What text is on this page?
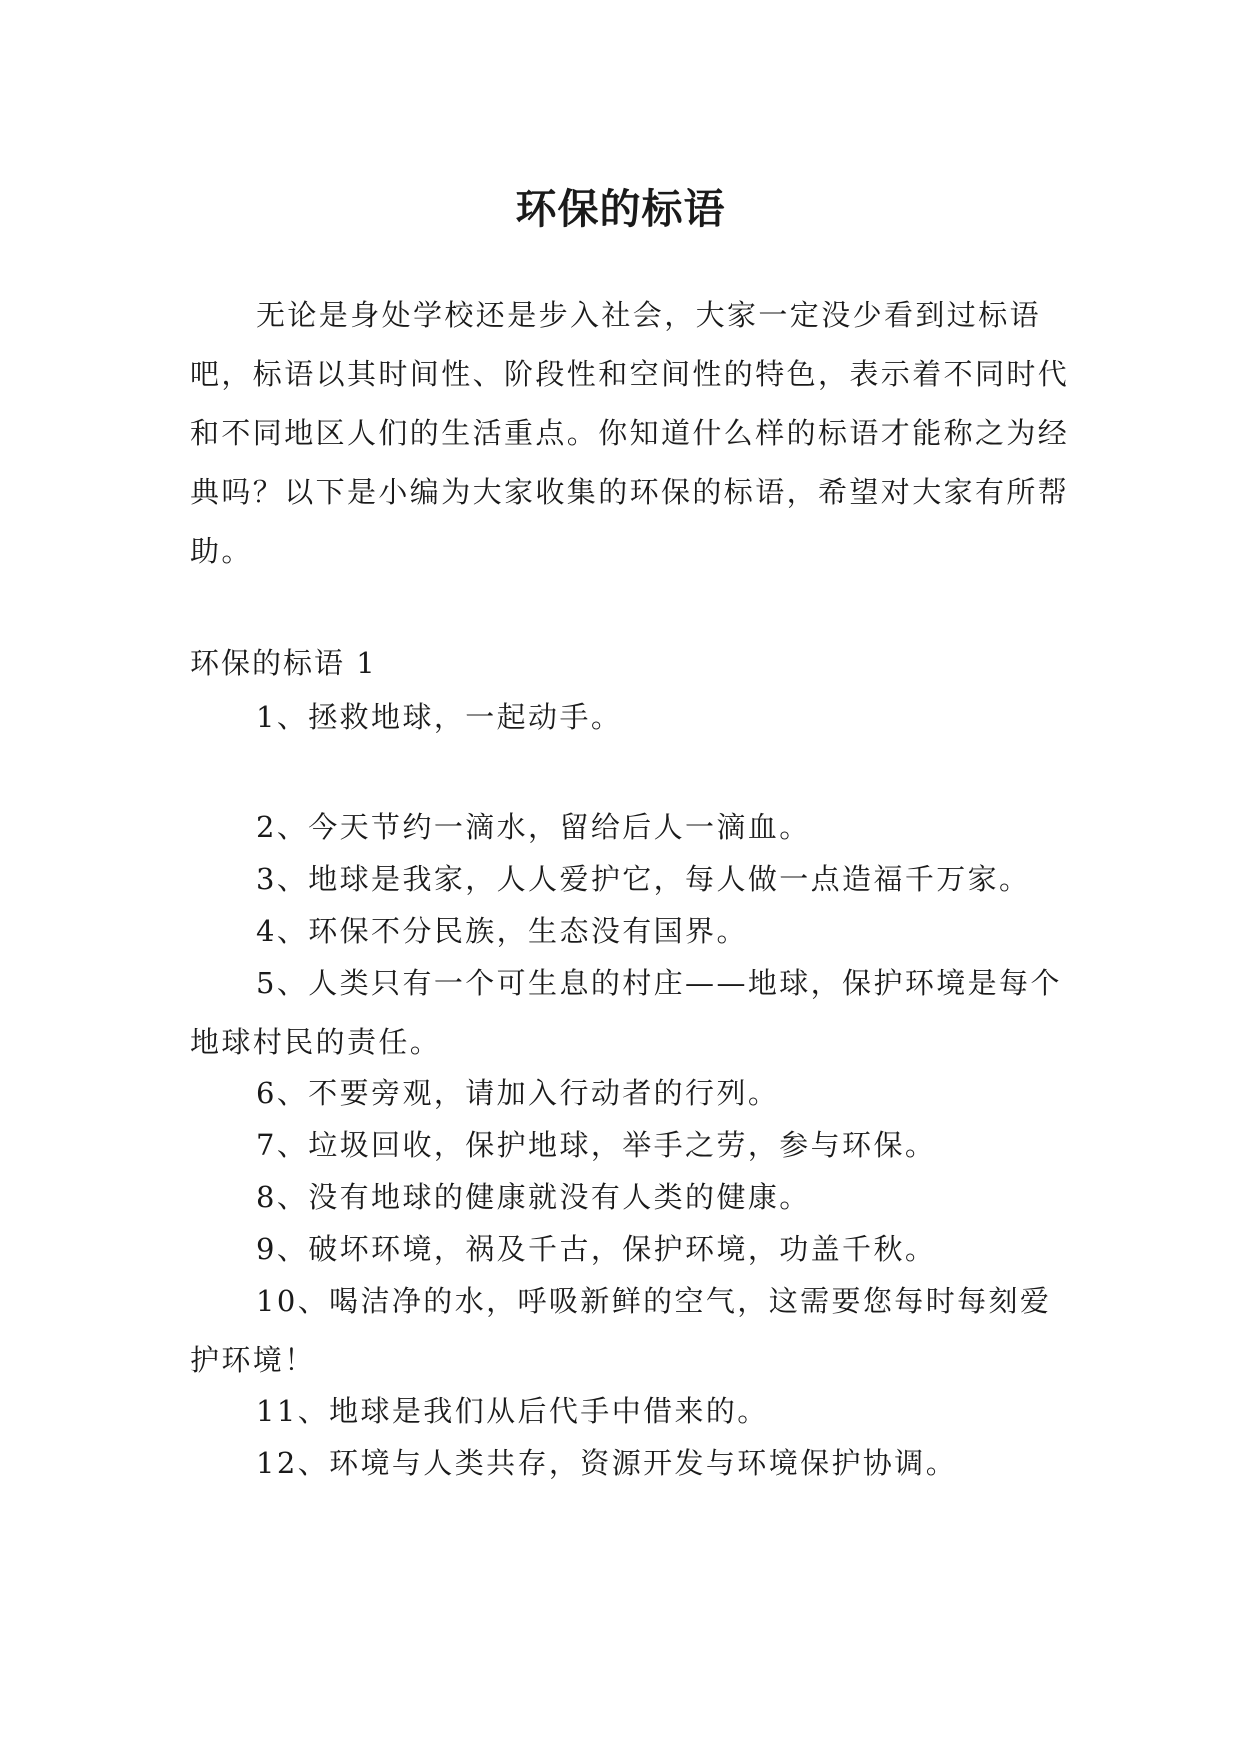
环保的标语

无论是身处学校还是步入社会，大家一定没少看到过标语吧，标语以其时间性、阶段性和空间性的特色，表示着不同时代和不同地区人们的生活重点。你知道什么样的标语才能称之为经典吗？以下是小编为大家收集的环保的标语，希望对大家有所帮助。

环保的标语 1

1、拯救地球，一起动手。
2、今天节约一滴水，留给后人一滴血。
3、地球是我家，人人爱护它，每人做一点造福千万家。
4、环保不分民族，生态没有国界。
5、人类只有一个可生息的村庄——地球，保护环境是每个地球村民的责任。
6、不要旁观，请加入行动者的行列。
7、垃圾回收，保护地球，举手之劳，参与环保。
8、没有地球的健康就没有人类的健康。
9、破坏环境，祸及千古，保护环境，功盖千秋。
10、喝洁净的水，呼吸新鲜的空气，这需要您每时每刻爱护环境！
11、地球是我们从后代手中借来的。
12、环境与人类共存，资源开发与环境保护协调。
